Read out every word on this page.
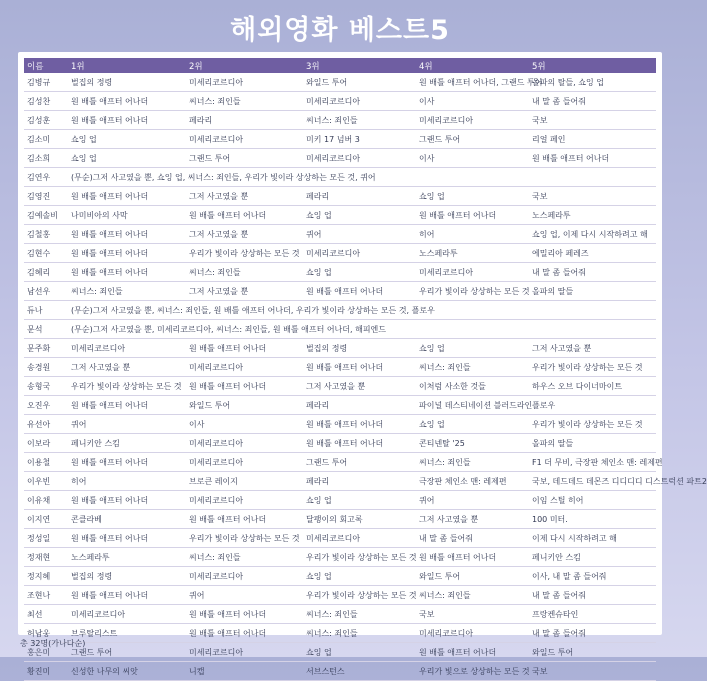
해외영화 베스트5
이름	1위	2위	3위	4위	5위
김병규	벌집의 정령	미세리코르디아	와일드 투어	원 배틀 애프터 어나더, 그랜드 투어	올파의 탈들, 쇼잉 업
김성찬	원 배틀 애프터 어나더	씨너스: 죄인들	미세리코르디아	이사	내 말 좀 들어줘
김성훈	원 배틀 애프터 어나더	페라리	씨너스: 죄인들	미세리코르디아	국보
김소미	쇼잉 업	미세리코르디아	미키 17 넘버 3	그랜드 투어	리얼 페인
김소희	쇼잉 업	그랜드 투어	미세리코르디아	이사	원 배틀 애프터 어나더
김연우	(무순)그저 사고였을 뿐, 쇼잉 업, 씨너스: 죄인들, 우리가 빛이라 상상하는 모든 것, 퀴어				
김영진	원 배틀 애프터 어나더	그저 사고였을 뿐	페라리	쇼잉 업	국보
김예솔비	나미비아의 사막	원 배틀 애프터 어나더	쇼잉 업	원 배틀 애프터 어나더	노스페라투
김철홍	원 배틀 애프터 어나더	그저 사고였을 뿐	퀴어	히어	쇼잉 업, 이제 다시 시작하려고 해
김현수	원 배틀 애프터 어나더	우리가 빛이라 상상하는 모든 것	미세리코르디아	노스페라투	에밀리아 페레즈
김혜리	원 배틀 애프터 어나더	씨너스: 죄인들	쇼잉 업	미세리코르디아	내 말 좀 들어줘
남선우	씨너스: 죄인들	그저 사고였을 뿐	원 배틀 애프터 어나더	우리가 빛이라 상상하는 모든 것	올파의 딸들
듀나	(무순)그저 사고였을 뿐, 씨너스: 죄인들, 원 배틀 애프터 어나더, 우리가 빛이라 상상하는 모든 것, 플로우				
문석	(무순)그저 사고였을 뿐, 미세리코르디아, 씨너스: 죄인들, 원 배틀 애프터 어나더, 해피엔드				
문주화	미세리코르디아	원 배틀 애프터 어나더	벌집의 정령	쇼잉 업	그저 사고였을 뿐
송경원	그저 사고였을 뿐	미세리코르디아	원 배틀 애프터 어나더	씨너스: 죄인들	우리가 빛이라 상상하는 모든 것
송형국	우리가 빛이라 상상하는 모든 것	원 배틀 애프터 어나더	그저 사고였을 뿐	이처럼 사소한 것들	하우스 오브 다이너마이트
오진우	원 배틀 애프터 어나더	와일드 투어	페라리	파이널 데스티네이션 블러드라인	플로우
유선아	퀴어	이사	원 배틀 애프터 어나더	쇼잉 업	우리가 빛이라 상상하는 모든 것
이보라	페니키안 스킴	미세리코르디아	원 배틀 애프터 어나더	콘티넨탈 '25	올파의 딸들
이용철	원 배틀 애프터 어나더	미세리코르디아	그랜드 투어	씨너스: 죄인들	F1 더 무비, 극장판 체인소 맨: 레제편
이우빈	히어	브로큰 레이지	페라리	극장판 체인소 맨: 레제편	국보, 데드데드 데몬즈 디디디디 디스트럭션 파트2
이유채	원 배틀 애프터 어나더	미세리코르디아	쇼잉 업	퀴어	이임 스틸 히어
이지연	콘클라베	원 배틀 애프터 어나더	달팽이의 회고록	그저 사고였을 뿐	100 미터.
정성일	원 배틀 애프터 어나더	우리가 빛이라 상상하는 모든 것	미세리코르디아	내 말 좀 들어줘	이제 다시 시작하려고 해
정재현	노스페라투	씨너스: 죄인들	우리가 빛이라 상상하는 모든 것	원 배틀 애프터 어나더	페니키안 스킴
정지혜	벌집의 정령	미세리코르디아	쇼잉 업	와일드 투어	이사, 내 말 좀 들어줘
조현나	원 배틀 애프터 어나더	퀴어	우리가 빛이라 상상하는 모든 것	씨너스: 죄인들	내 말 좀 들어줘
최선	미세리코르디아	원 배틀 애프터 어나더	씨너스: 죄인들	국보	프랑켄슈타인
허남웅	브루탈리스트	원 배틀 애프터 어나더	씨너스: 죄인들	미세리코르디아	내 말 좀 들어줘
홍은미	그랜드 투어	미세리코르디아	쇼잉 업	원 배틀 애프터 어나더	와일드 투어
황진미	신성한 나무의 씨앗	니캡	서브스턴스	우리가 빛으로 상상하는 모든 것	국보
총 32명(가나다순)
